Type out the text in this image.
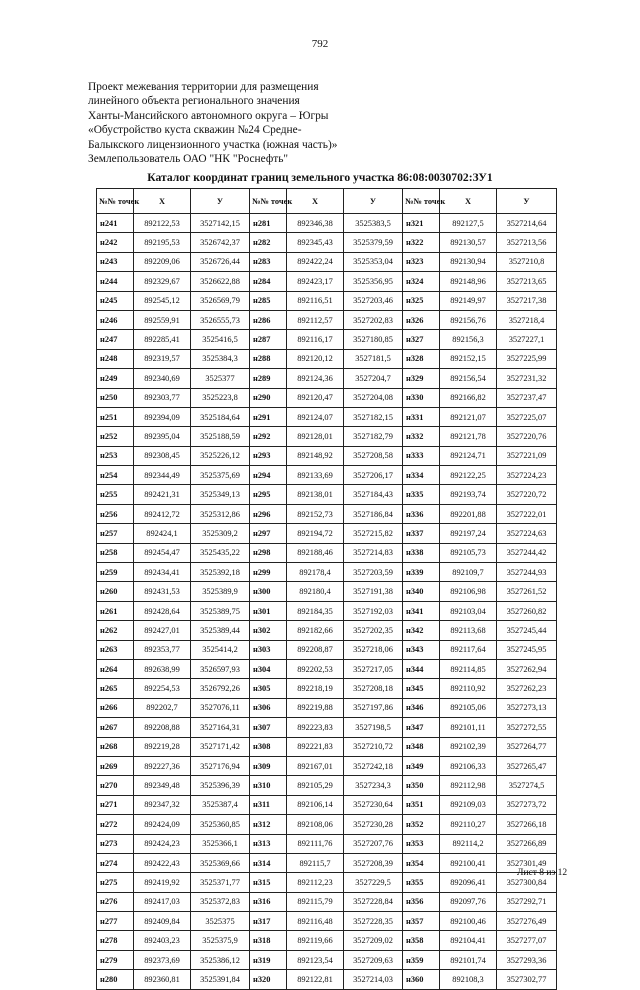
792
Проект межевания территории для размещения
линейного объекта регионального значения
Ханты-Мансийского автономного округа – Югры
«Обустройство куста скважин №24 Средне-
Балыкского лицензионного участка (южная часть)»
Землепользователь ОАО "НК "Роснефть"
Каталог координат границ земельного участка 86:08:0030702:ЗУ1
№№ точек	X	У	№№ точек	X	У	№№ точек	X	У
н241	892122,53	3527142,15	н281	892346,38	3525383,5	н321	892127,5	3527214,64
н242	892195,53	3526742,37	н282	892345,43	3525379,59	н322	892130,57	3527213,56
н243	892209,06	3526726,44	н283	892422,24	3525353,04	н323	892130,94	3527210,8
н244	892329,67	3526622,88	н284	892423,17	3525356,95	н324	892148,96	3527213,65
н245	892545,12	3526569,79	н285	892116,51	3527203,46	н325	892149,97	3527217,38
н246	892559,91	3526555,73	н286	892112,57	3527202,83	н326	892156,76	3527218,4
н247	892285,41	3525416,5	н287	892116,17	3527180,85	н327	892156,3	3527227,1
н248	892319,57	3525384,3	н288	892120,12	3527181,5	н328	892152,15	3527225,99
н249	892340,69	3525377	н289	892124,36	3527204,7	н329	892156,54	3527231,32
н250	892303,77	3525223,8	н290	892120,47	3527204,08	н330	892166,82	3527237,47
н251	892394,09	3525184,64	н291	892124,07	3527182,15	н331	892121,07	3527225,07
н252	892395,04	3525188,59	н292	892128,01	3527182,79	н332	892121,78	3527220,76
н253	892308,45	3525226,12	н293	892148,92	3527208,58	н333	892124,71	3527221,09
н254	892344,49	3525375,69	н294	892133,69	3527206,17	н334	892122,25	3527224,23
н255	892421,31	3525349,13	н295	892138,01	3527184,43	н335	892193,74	3527220,72
н256	892412,72	3525312,86	н296	892152,73	3527186,84	н336	892201,88	3527222,01
н257	892424,1	3525309,2	н297	892194,72	3527215,82	н337	892197,24	3527224,63
н258	892454,47	3525435,22	н298	892188,46	3527214,83	н338	892105,73	3527244,42
н259	892434,41	3525392,18	н299	892178,4	3527203,59	н339	892109,7	3527244,93
н260	892431,53	3525389,9	н300	892180,4	3527191,38	н340	892106,98	3527261,52
н261	892428,64	3525389,75	н301	892184,35	3527192,03	н341	892103,04	3527260,82
н262	892427,01	3525389,44	н302	892182,66	3527202,35	н342	892113,68	3527245,44
н263	892353,77	3525414,2	н303	892208,87	3527218,06	н343	892117,64	3527245,95
н264	892638,99	3526597,93	н304	892202,53	3527217,05	н344	892114,85	3527262,94
н265	892254,53	3526792,26	н305	892218,19	3527208,18	н345	892110,92	3527262,23
н266	892202,7	3527076,11	н306	892219,88	3527197,86	н346	892105,06	3527273,13
н267	892208,88	3527164,31	н307	892223,83	3527198,5	н347	892101,11	3527272,55
н268	892219,28	3527171,42	н308	892221,83	3527210,72	н348	892102,39	3527264,77
н269	892227,36	3527176,94	н309	892167,01	3527242,18	н349	892106,33	3527265,47
н270	892349,48	3525396,39	н310	892105,29	3527234,3	н350	892112,98	3527274,5
н271	892347,32	3525387,4	н311	892106,14	3527230,64	н351	892109,03	3527273,72
н272	892424,09	3525360,85	н312	892108,06	3527230,28	н352	892110,27	3527266,18
н273	892424,23	3525366,1	н313	892111,76	3527207,76	н353	892114,2	3527266,89
н274	892422,43	3525369,66	н314	892115,7	3527208,39	н354	892100,41	3527301,49
н275	892419,92	3525371,77	н315	892112,23	3527229,5	н355	892096,41	3527300,84
н276	892417,03	3525372,83	н316	892115,79	3527228,84	н356	892097,76	3527292,71
н277	892409,84	3525375	н317	892116,48	3527228,35	н357	892100,46	3527276,49
н278	892403,23	3525375,9	н318	892119,66	3527209,02	н358	892104,41	3527277,07
н279	892373,69	3525386,12	н319	892123,54	3527209,63	н359	892101,74	3527293,36
н280	892360,81	3525391,84	н320	892122,81	3527214,03	н360	892108,3	3527302,77
Лист 8 из 12
